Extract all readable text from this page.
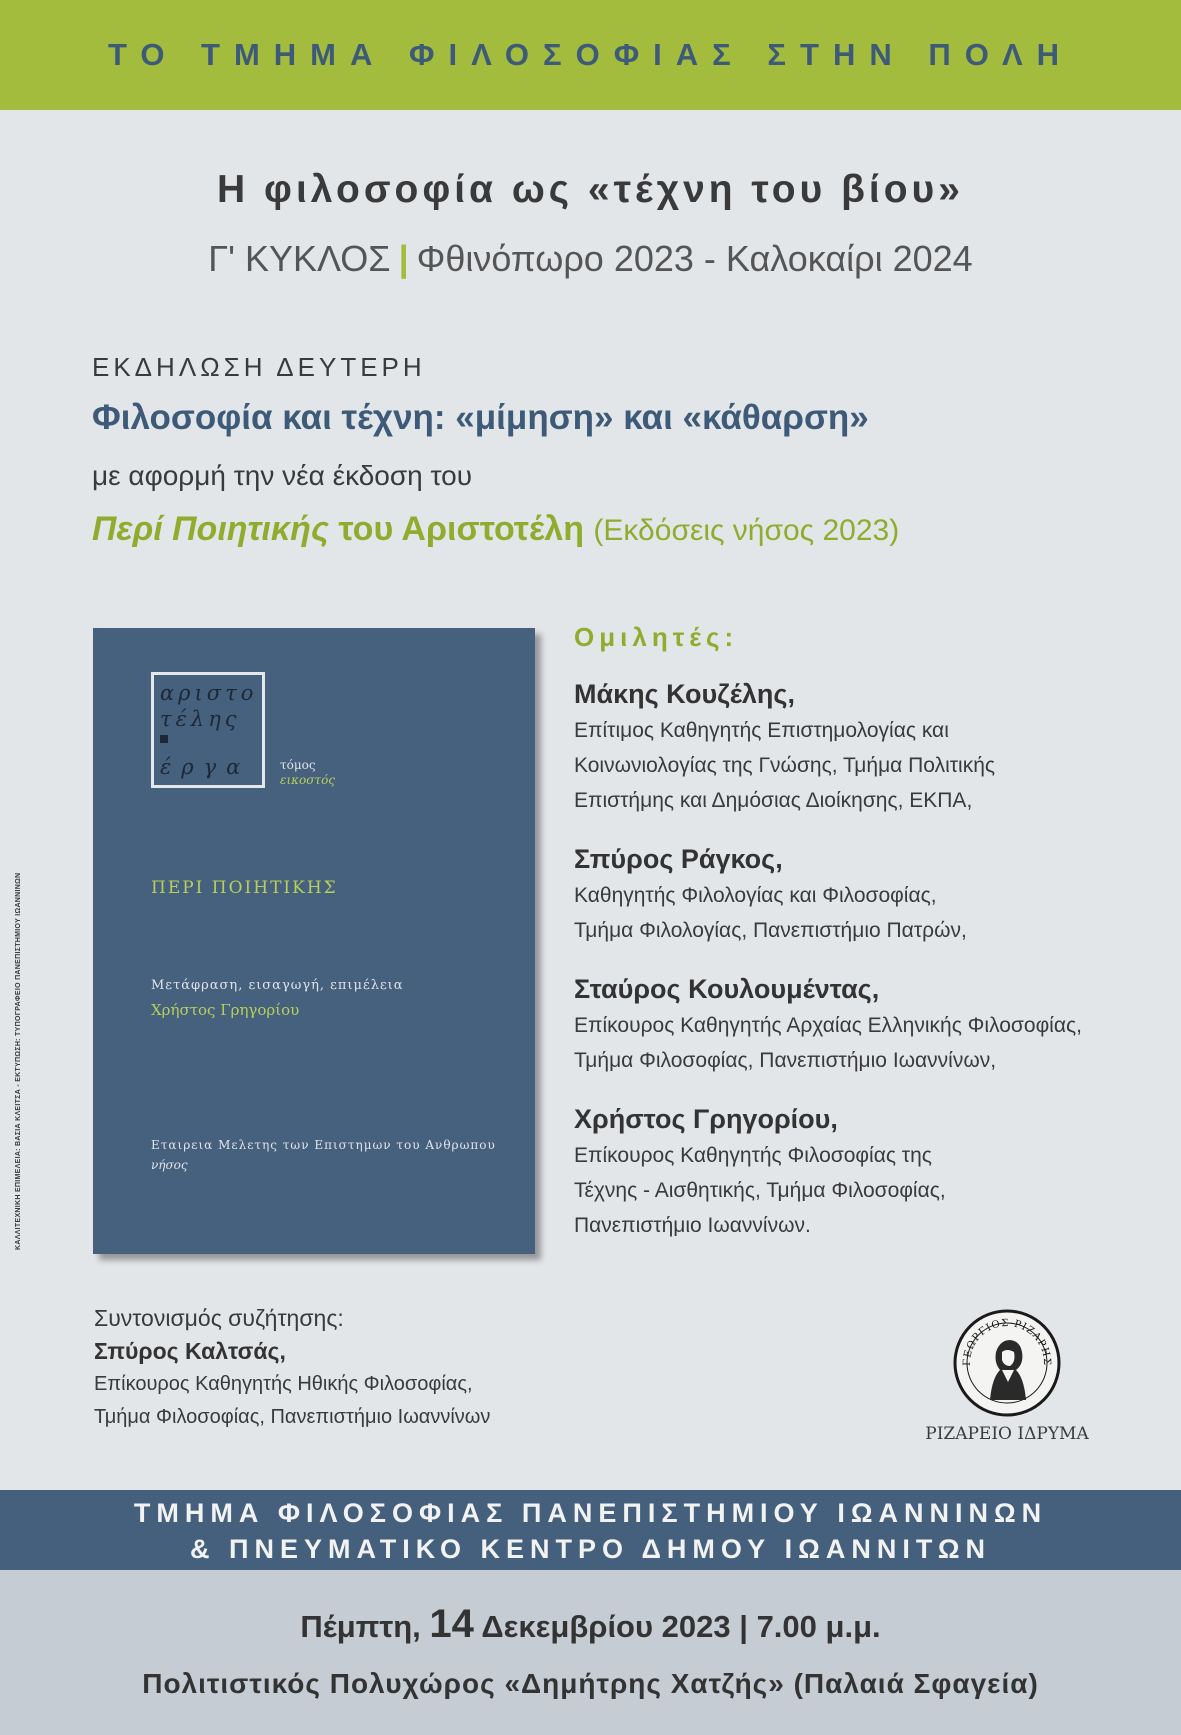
ΤΟ ΤΜΗΜΑ ΦΙΛΟΣΟΦΙΑΣ ΣΤΗΝ ΠΟΛΗ
Η φιλοσοφία ως «τέχνη του βίου»
Γ' ΚΥΚΛΟΣ | Φθινόπωρο 2023 - Καλοκαίρι 2024
ΕΚΔΗΛΩΣΗ ΔΕΥΤΕΡΗ
Φιλοσοφία και τέχνη: «μίμηση» και «κάθαρση»
με αφορμή την νέα έκδοση του
Περί Ποιητικής του Αριστοτέλη (Εκδόσεις νήσος 2023)
αριστο
τέλης
έργα τόμος
εικοστός
ΠΕΡΙ ΠΟΙΗΤΙΚΗΣ
Μετάφραση, εισαγωγή, επιμέλεια
Χρήστος Γρηγορίου
Εταιρεια Μελετης των Επιστημων του Ανθρωπου
νήσος
ΚΑΛΛΙΤΕΧΝΙΚΗ ΕΠΙΜΕΛΕΙΑ: ΒΑΣΙΑ ΚΛΕΙΤΣΑ - ΕΚΤΥΠΩΣΗ: ΤΥΠΟΓΡΑΦΕΙΟ ΠΑΝΕΠΙΣΤΗΜΙΟΥ ΙΩΑΝΝΙΝΩΝ
Ομιλητές:
Μάκης Κουζέλης,
Επίτιμος Καθηγητής Επιστημολογίας και
Κοινωνιολογίας της Γνώσης, Τμήμα Πολιτικής
Επιστήμης και Δημόσιας Διοίκησης, ΕΚΠΑ,
Σπύρος Ράγκος,
Καθηγητής Φιλολογίας και Φιλοσοφίας,
Τμήμα Φιλολογίας, Πανεπιστήμιο Πατρών,
Σταύρος Κουλουμέντας,
Επίκουρος Καθηγητής Αρχαίας Ελληνικής Φιλοσοφίας,
Τμήμα Φιλοσοφίας, Πανεπιστήμιο Ιωαννίνων,
Χρήστος Γρηγορίου,
Επίκουρος Καθηγητής Φιλοσοφίας της
Τέχνης - Αισθητικής, Τμήμα Φιλοσοφίας,
Πανεπιστήμιο Ιωαννίνων.
Συντονισμός συζήτησης:
Σπύρος Καλτσάς,
Επίκουρος Καθηγητής Ηθικής Φιλοσοφίας,
Τμήμα Φιλοσοφίας, Πανεπιστήμιο Ιωαννίνων
ΓΕΩΡΓΙΟΣ ΡΙΖΑΡΗΣ
ΡΙΖΑΡΕΙΟ ΙΔΡΥΜΑ
ΤΜΗΜΑ ΦΙΛΟΣΟΦΙΑΣ ΠΑΝΕΠΙΣΤΗΜΙΟΥ ΙΩΑΝΝΙΝΩΝ
& ΠΝΕΥΜΑΤΙΚΟ ΚΕΝΤΡΟ ΔΗΜΟΥ ΙΩΑΝΝΙΤΩΝ
Πέμπτη, 14 Δεκεμβρίου 2023 | 7.00 μ.μ.
Πολιτιστικός Πολυχώρος «Δημήτρης Χατζής» (Παλαιά Σφαγεία)
